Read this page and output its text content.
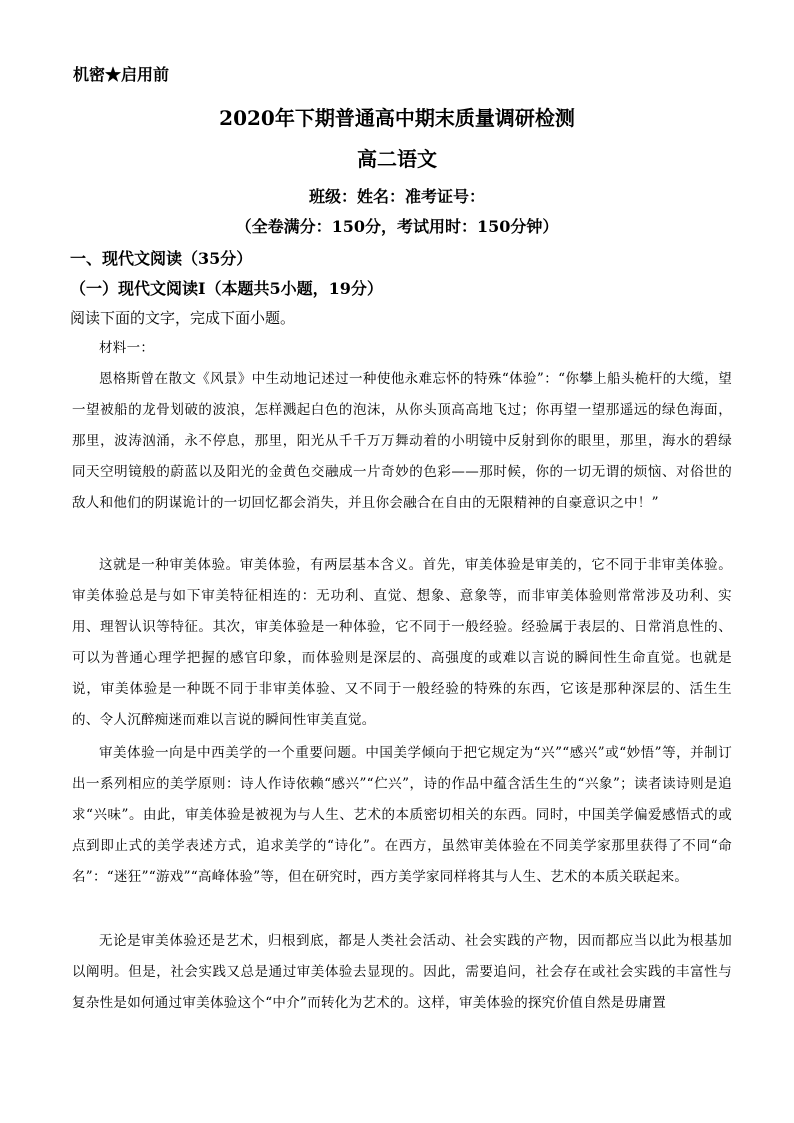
机密★启用前
2020年下期普通高中期末质量调研检测
高二语文
班级：姓名：准考证号：
（全卷满分：150分，考试用时：150分钟）
一、现代文阅读（35分）
（一）现代文阅读Ⅰ（本题共5小题，19分）
阅读下面的文字，完成下面小题。

材料一：

恩格斯曾在散文《风景》中生动地记述过一种使他永难忘怀的特殊“体验”：“你攀上船头桅杆的大缆，望一望被船的龙骨划破的波浪，怎样溅起白色的泡沫，从你头顶高高地飞过；你再望一望那遥远的绿色海面，那里，波涛汹涌，永不停息，那里，阳光从千千万万舞动着的小明镜中反射到你的眼里，那里，海水的碧绿同天空明镜般的蔚蓝以及阳光的金黄色交融成一片奇妙的色彩——那时候，你的一切无谓的烦恼、对俗世的敌人和他们的阴谋诡计的一切回忆都会消失，并且你会融合在自由的无限精神的自豪意识之中！”

这就是一种审美体验。审美体验，有两层基本含义。首先，审美体验是审美的，它不同于非审美体验。审美体验总是与如下审美特征相连的：无功利、直觉、想象、意象等，而非审美体验则常常涉及功利、实用、理智认识等特征。其次，审美体验是一种体验，它不同于一般经验。经验属于表层的、日常消息性的、可以为普通心理学把握的感官印象，而体验则是深层的、高强度的或难以言说的瞬间性生命直觉。也就是说，审美体验是一种既不同于非审美体验、又不同于一般经验的特殊的东西，它该是那种深层的、活生生的、令人沉醉痴迷而难以言说的瞬间性审美直觉。

审美体验一向是中西美学的一个重要问题。中国美学倾向于把它规定为“兴”“感兴”或“妙悟”等，并制订出一系列相应的美学原则：诗人作诗依赖“感兴”“伫兴”，诗的作品中蕴含活生生的“兴象”；读者读诗则是追求“兴味”。由此，审美体验是被视为与人生、艺术的本质密切相关的东西。同时，中国美学偏爱感悟式的或点到即止式的美学表述方式，追求美学的“诗化”。在西方，虽然审美体验在不同美学家那里获得了不同“命名”：“迷狂”“游戏”“高峰体验”等，但在研究时，西方美学家同样将其与人生、艺术的本质关联起来。

无论是审美体验还是艺术，归根到底，都是人类社会活动、社会实践的产物，因而都应当以此为根基加以阐明。但是，社会实践又总是通过审美体验去显现的。因此，需要追问，社会存在或社会实践的丰富性与复杂性是如何通过审美体验这个“中介”而转化为艺术的。这样，审美体验的探究价值自然是毋庸置
